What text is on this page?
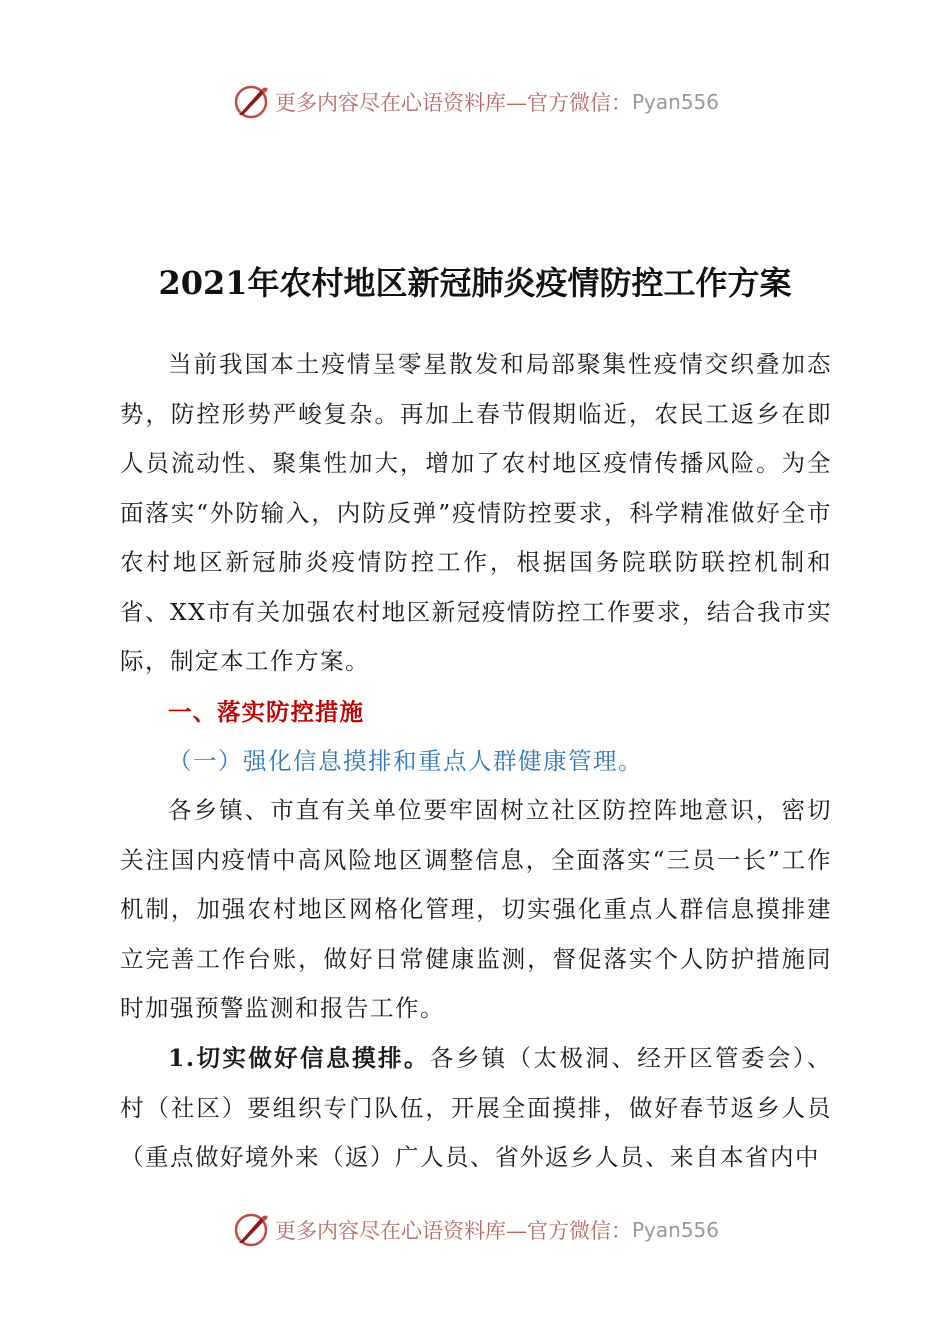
更多内容尽在心语资料库—官方微信： Pyan556
2021年农村地区新冠肺炎疫情防控工作方案

当前我国本土疫情呈零星散发和局部聚集性疫情交织叠加态势，防控形势严峻复杂。再加上春节假期临近，农民工返乡在即人员流动性、聚集性加大，增加了农村地区疫情传播风险。为全面落实“外防输入，内防反弹”疫情防控要求，科学精准做好全市农村地区新冠肺炎疫情防控工作，根据国务院联防联控机制和省、XX市有关加强农村地区新冠疫情防控工作要求，结合我市实际，制定本工作方案。

一、落实防控措施
（一）强化信息摸排和重点人群健康管理。

各乡镇、市直有关单位要牢固树立社区防控阵地意识，密切关注国内疫情中高风险地区调整信息，全面落实“三员一长”工作机制，加强农村地区网格化管理，切实强化重点人群信息摸排建立完善工作台账，做好日常健康监测，督促落实个人防护措施同时加强预警监测和报告工作。

1.切实做好信息摸排。各乡镇（太极洞、经开区管委会）、村（社区）要组织专门队伍，开展全面摸排，做好春节返乡人员（重点做好境外来（返）广人员、省外返乡人员、来自本省内中

更多内容尽在心语资料库—官方微信： Pyan556
